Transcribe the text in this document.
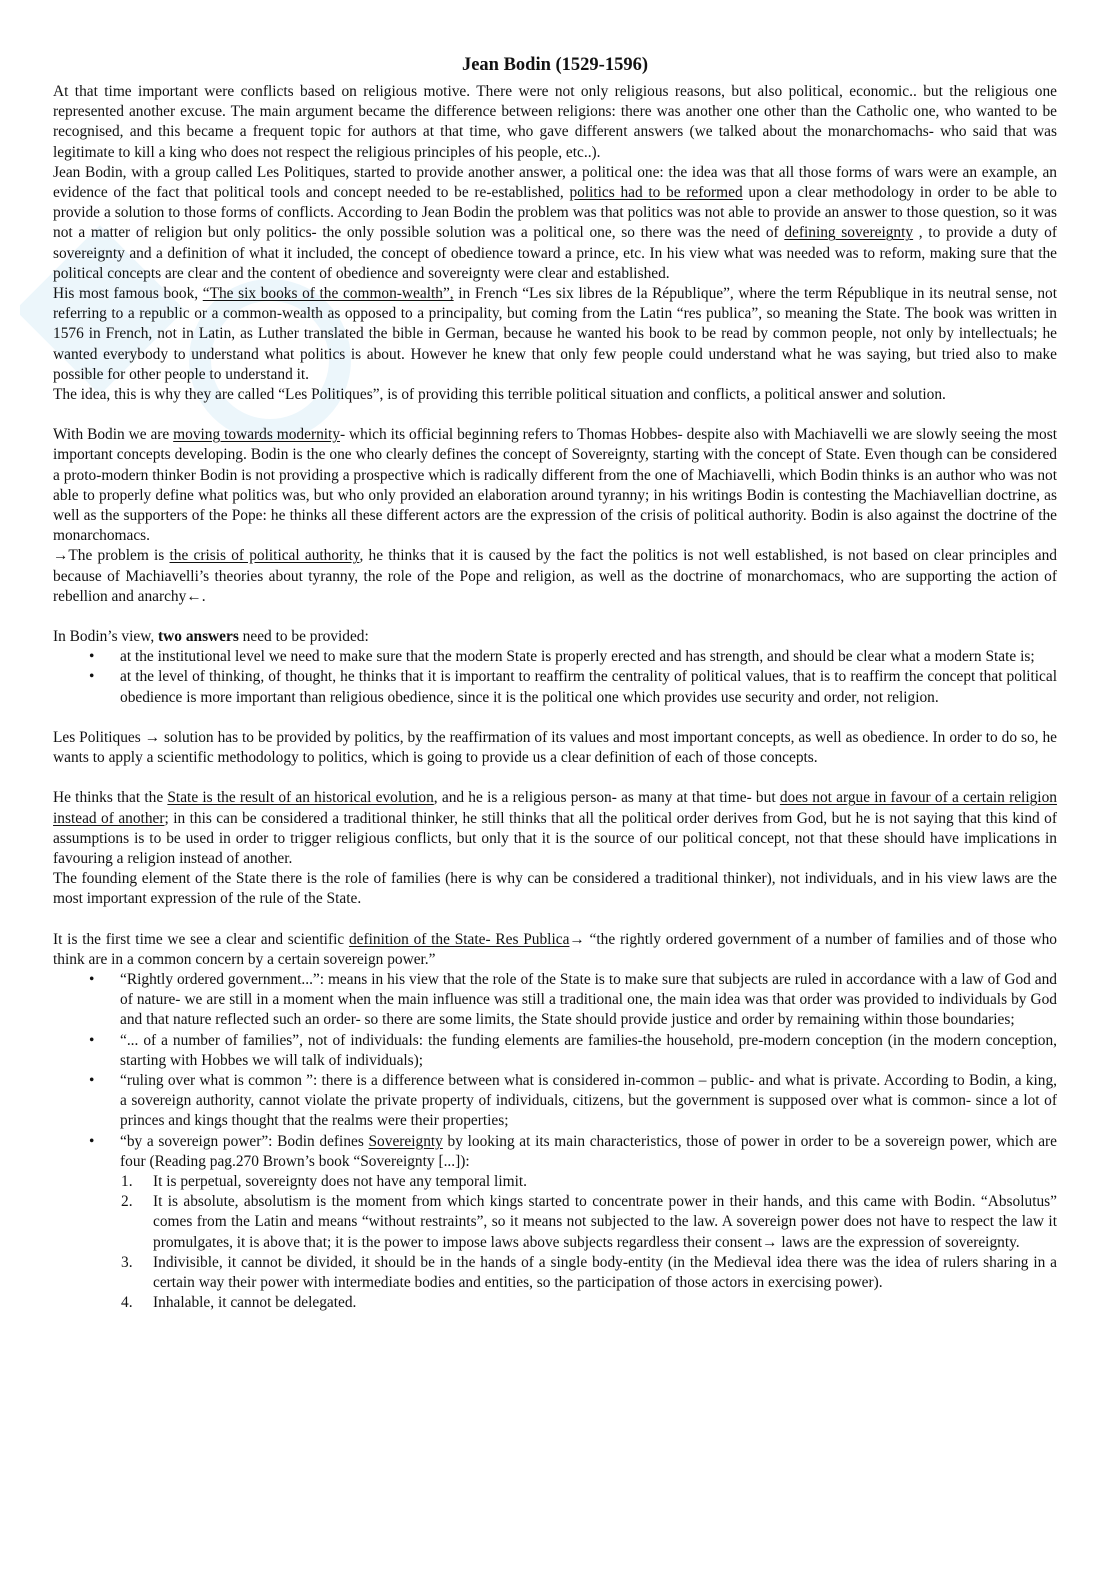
Jean Bodin (1529-1596)

At that time important were conflicts based on religious motive. There were not only religious reasons, but also political, economic.. but the religious one represented another excuse. The main argument became the difference between religions: there was another one other than the Catholic one, who wanted to be recognised, and this became a frequent topic for authors at that time, who gave different answers (we talked about the monarchomachs- who said that was legitimate to kill a king who does not respect the religious principles of his people, etc..).

Jean Bodin, with a group called Les Politiques, started to provide another answer, a political one: the idea was that all those forms of wars were an example, an evidence of the fact that political tools and concept needed to be re-established, politics had to be reformed upon a clear methodology in order to be able to provide a solution to those forms of conflicts. According to Jean Bodin the problem was that politics was not able to provide an answer to those question, so it was not a matter of religion but only politics- the only possible solution was a political one, so there was the need of defining sovereignty , to provide a duty of sovereignty and a definition of what it included, the concept of obedience toward a prince, etc. In his view what was needed was to reform, making sure that the political concepts are clear and the content of obedience and sovereignty were clear and established.

His most famous book, “The six books of the common-wealth”, in French “Les six libres de la République”, where the term République in its neutral sense, not referring to a republic or a common-wealth as opposed to a principality, but coming from the Latin “res publica”, so meaning the State. The book was written in 1576 in French, not in Latin, as Luther translated the bible in German, because he wanted his book to be read by common people, not only by intellectuals; he wanted everybody to understand what politics is about. However he knew that only few people could understand what he was saying, but tried also to make possible for other people to understand it.

The idea, this is why they are called “Les Politiques”, is of providing this terrible political situation and conflicts, a political answer and solution.

With Bodin we are moving towards modernity- which its official beginning refers to Thomas Hobbes- despite also with Machiavelli we are slowly seeing the most important concepts developing. Bodin is the one who clearly defines the concept of Sovereignty, starting with the concept of State. Even though can be considered a proto-modern thinker Bodin is not providing a prospective which is radically different from the one of Machiavelli, which Bodin thinks is an author who was not able to properly define what politics was, but who only provided an elaboration around tyranny; in his writings Bodin is contesting the Machiavellian doctrine, as well as the supporters of the Pope: he thinks all these different actors are the expression of the crisis of political authority. Bodin is also against the doctrine of the monarchomacs.

→The problem is the crisis of political authority, he thinks that it is caused by the fact the politics is not well established, is not based on clear principles and because of Machiavelli’s theories about tyranny, the role of the Pope and religion, as well as the doctrine of monarchomacs, who are supporting the action of rebellion and anarchy←.

In Bodin’s view, two answers need to be provided:

• at the institutional level we need to make sure that the modern State is properly erected and has strength, and should be clear what a modern State is;
• at the level of thinking, of thought, he thinks that it is important to reaffirm the centrality of political values, that is to reaffirm the concept that political obedience is more important than religious obedience, since it is the political one which provides use security and order, not religion.

Les Politiques → solution has to be provided by politics, by the reaffirmation of its values and most important concepts, as well as obedience. In order to do so, he wants to apply a scientific methodology to politics, which is going to provide us a clear definition of each of those concepts.

He thinks that the State is the result of an historical evolution, and he is a religious person- as many at that time- but does not argue in favour of a certain religion instead of another; in this can be considered a traditional thinker, he still thinks that all the political order derives from God, but he is not saying that this kind of assumptions is to be used in order to trigger religious conflicts, but only that it is the source of our political concept, not that these should have implications in favouring a religion instead of another.

The founding element of the State there is the role of families (here is why can be considered a traditional thinker), not individuals, and in his view laws are the most important expression of the rule of the State.

It is the first time we see a clear and scientific definition of the State- Res Publica→ “the rightly ordered government of a number of families and of those who think are in a common concern by a certain sovereign power.”

• “Rightly ordered government...”: means in his view that the role of the State is to make sure that subjects are ruled in accordance with a law of God and of nature- we are still in a moment when the main influence was still a traditional one, the main idea was that order was provided to individuals by God and that nature reflected such an order- so there are some limits, the State should provide justice and order by remaining within those boundaries;
• “... of a number of families”, not of individuals: the funding elements are families-the household, pre-modern conception (in the modern conception, starting with Hobbes we will talk of individuals);
• “ruling over what is common ”: there is a difference between what is considered in-common – public- and what is private. According to Bodin, a king, a sovereign authority, cannot violate the private property of individuals, citizens, but the government is supposed over what is common- since a lot of princes and kings thought that the realms were their properties;
• “by a sovereign power”: Bodin defines Sovereignty by looking at its main characteristics, those of power in order to be a sovereign power, which are four (Reading pag.270 Brown’s book “Sovereignty [...]):
1. It is perpetual, sovereignty does not have any temporal limit.
2. It is absolute, absolutism is the moment from which kings started to concentrate power in their hands, and this came with Bodin. “Absolutus” comes from the Latin and means “without restraints”, so it means not subjected to the law. A sovereign power does not have to respect the law it promulgates, it is above that; it is the power to impose laws above subjects regardless their consent→ laws are the expression of sovereignty.
3. Indivisible, it cannot be divided, it should be in the hands of a single body-entity (in the Medieval idea there was the idea of rulers sharing in a certain way their power with intermediate bodies and entities, so the participation of those actors in exercising power).
4. Inhalable, it cannot be delegated.
